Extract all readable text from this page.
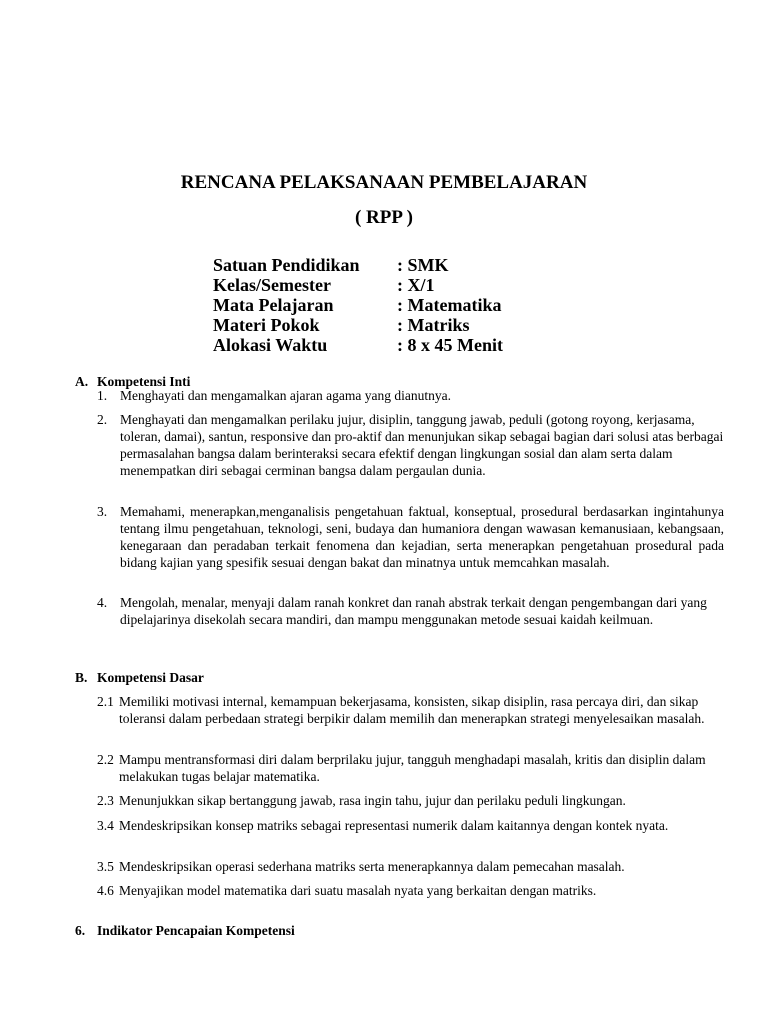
RENCANA PELAKSANAAN PEMBELAJARAN
( RPP )
Satuan Pendidikan	: SMK
Kelas/Semester	: X/1
Mata Pelajaran	: Matematika
Materi Pokok	: Matriks
Alokasi Waktu	: 8 x 45 Menit
A. Kompetensi Inti
1. Menghayati dan mengamalkan ajaran agama yang dianutnya.
2. Menghayati dan mengamalkan perilaku jujur, disiplin, tanggung jawab, peduli (gotong royong, kerjasama, toleran, damai), santun, responsive dan pro-aktif dan menunjukan sikap sebagai bagian dari solusi atas berbagai permasalahan bangsa dalam berinteraksi secara efektif dengan lingkungan sosial dan alam serta dalam menempatkan diri sebagai cerminan bangsa dalam pergaulan dunia.
3. Memahami, menerapkan,menganalisis pengetahuan faktual, konseptual, prosedural berdasarkan ingintahunya tentang ilmu pengetahuan, teknologi, seni, budaya dan humaniora dengan wawasan kemanusiaan, kebangsaan, kenegaraan dan peradaban terkait fenomena dan kejadian, serta menerapkan pengetahuan prosedural pada bidang kajian yang spesifik sesuai dengan bakat dan minatnya untuk memcahkan masalah.
4. Mengolah, menalar, menyaji dalam ranah konkret dan ranah abstrak terkait dengan pengembangan dari yang dipelajarinya disekolah secara mandiri, dan mampu menggunakan metode sesuai kaidah keilmuan.
B. Kompetensi Dasar
2.1 Memiliki motivasi internal, kemampuan bekerjasama, konsisten, sikap disiplin, rasa percaya diri, dan sikap toleransi dalam perbedaan strategi berpikir dalam memilih dan menerapkan strategi menyelesaikan masalah.
2.2 Mampu mentransformasi diri dalam berprilaku jujur, tangguh menghadapi masalah, kritis dan disiplin dalam melakukan tugas belajar matematika.
2.3 Menunjukkan sikap bertanggung jawab, rasa ingin tahu, jujur dan perilaku peduli lingkungan.
3.4 Mendeskripsikan konsep matriks sebagai representasi numerik dalam kaitannya dengan kontek nyata.
3.5 Mendeskripsikan operasi sederhana matriks serta menerapkannya dalam pemecahan masalah.
4.6 Menyajikan model matematika dari suatu masalah nyata yang berkaitan dengan matriks.
6. Indikator Pencapaian Kompetensi
